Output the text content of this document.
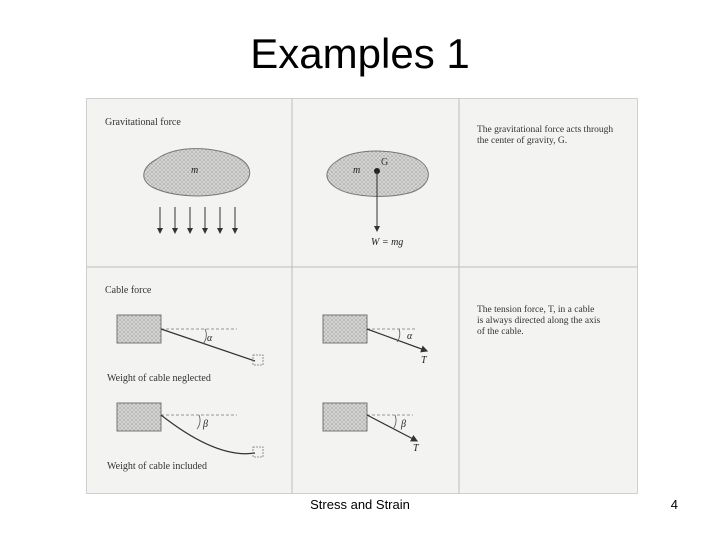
Examples 1
Gravitational force
m	m
G
W = mg
The gravitational force acts through
the center of gravity, G.
Cable force
α	α
T
Weight of cable neglected
β	β
T
Weight of cable included
The tension force, T, in a cable
is always directed along the axis
of the cable.
Stress and Strain	4
